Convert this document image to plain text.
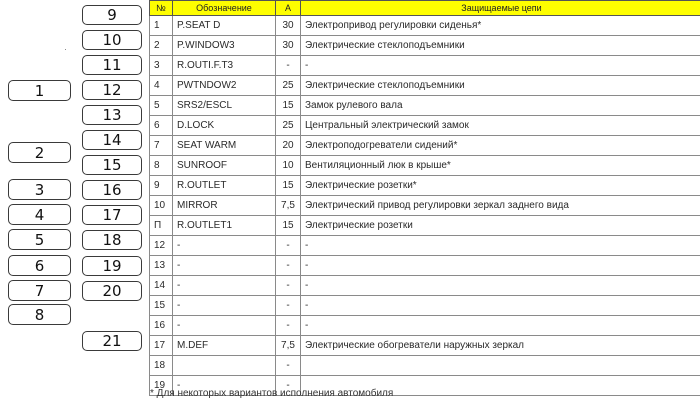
9
10
11
12
13
14
15
16
17
18
19
20
21
1
2
3
4
5
6
7
8
·
·
№	Обозначение	A	Защищаемые цепи
1	P.SEAT D	30	Электропривод регулировки сиденья*
2	P.WINDOW3	30	Электрические стеклоподъемники
3	R.OUTI.F.T3	-	-
4	PWTNDOW2	25	Электрические стеклоподъемники
5	SRS2/ESCL	15	Замок рулевого вала
6	D.LOCK	25	Центральный электрический замок
7	SEAT WARM	20	Электроподогреватели сидений*
8	SUNROOF	10	Вентиляционный люк в крыше*
9	R.OUTLET	15	Электрические розетки*
10	MIRROR	7,5	Электрический привод регулировки зеркал заднего вида
П	R.OUTLET1	15	Электрические розетки
12	-	-	-
13	-	-	-
14	-	-	-
15	-	-	-
16	-	-	-
17	M.DEF	7,5	Электрические обогреватели наружных зеркал
18		-	
19	-	-	
* Для некоторых вариантов исполнения автомобиля
